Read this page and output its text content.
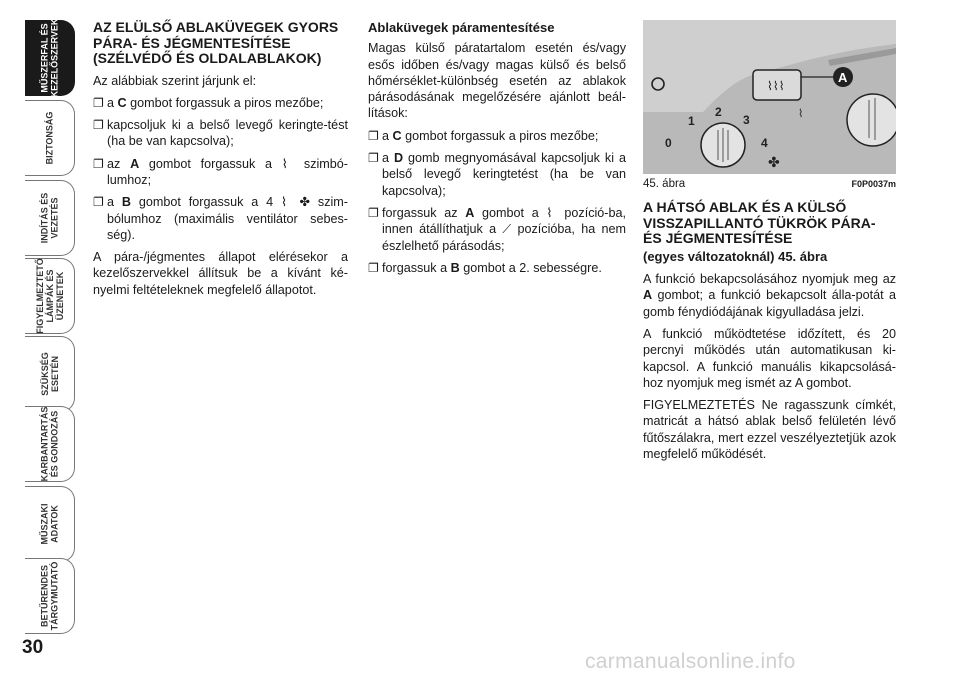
MŰSZERFAL ÉS
KEZELŐSZERVEK
BIZTONSÁG
INDÍTÁS ÉS
VEZETÉS
FIGYELMEZTETŐ
LÁMPÁK ÉS
ÜZENETEK
SZÜKSÉG
ESETÉN
KARBANTARTÁS
ÉS GONDOZÁS
MŰSZAKI
ADATOK
BETŰRENDES
TÁRGYMUTATÓ
30
AZ ELÜLSŐ ABLAKÜVEGEK GYORS PÁRA- ÉS JÉGMENTESÍTÉSE (SZÉLVÉDŐ ÉS OLDALABLAKOK)

Az alábbiak szerint járjunk el:

❐ a C gombot forgassuk a piros mezőbe;
❐ kapcsoljuk ki a belső levegő keringte-tést (ha be van kapcsolva);
❐ az A gombot forgassuk a ⌇ szimbó-lumhoz;
❐ a B gombot forgassuk a 4 ⌇ ✤ szim-bólumhoz (maximális ventilátor sebes-ség).

A pára-/jégmentes állapot elérésekor a kezelőszervekkel állítsuk be a kívánt ké-nyelmi feltételeknek megfelelő állapotot.

Ablaküvegek páramentesítése

Magas külső páratartalom esetén és/vagy esős időben és/vagy magas külső és belső hőmérséklet-különbség esetén az ablakok párásodásának megelőzésére ajánlott beál-lítások:

❐ a C gombot forgassuk a piros mezőbe;
❐ a D gomb megnyomásával kapcsoljuk ki a belső levegő keringtetést (ha be van kapcsolva);
❐ forgassuk az A gombot a ⌇ pozíció-ba, innen átállíthatjuk a ⟋ pozícióba, ha nem észlelhető párásodás;
❐ forgassuk a B gombot a 2. sebességre.
⌇⌇⌇
A
0
1
2
3
4
✤
⌇
45. ábra	F0P0037m
A HÁTSÓ ABLAK ÉS A KÜLSŐ VISSZAPILLANTÓ TÜKRÖK PÁRA- ÉS JÉGMENTESÍTÉSE
(egyes változatoknál) 45. ábra

A funkció bekapcsolásához nyomjuk meg az A gombot; a funkció bekapcsolt álla-potát a gomb fénydiódájának kigyulladása jelzi.

A funkció működtetése időzített, és 20 percnyi működés után automatikusan ki-kapcsol. A funkció manuális kikapcsolásá-hoz nyomjuk meg ismét az A gombot.

FIGYELMEZTETÉS Ne ragasszunk címkét, matricát a hátsó ablak belső felületén lévő fűtőszálakra, mert ezzel veszélyeztetjük azok megfelelő működését.

carmanualsonline.info
